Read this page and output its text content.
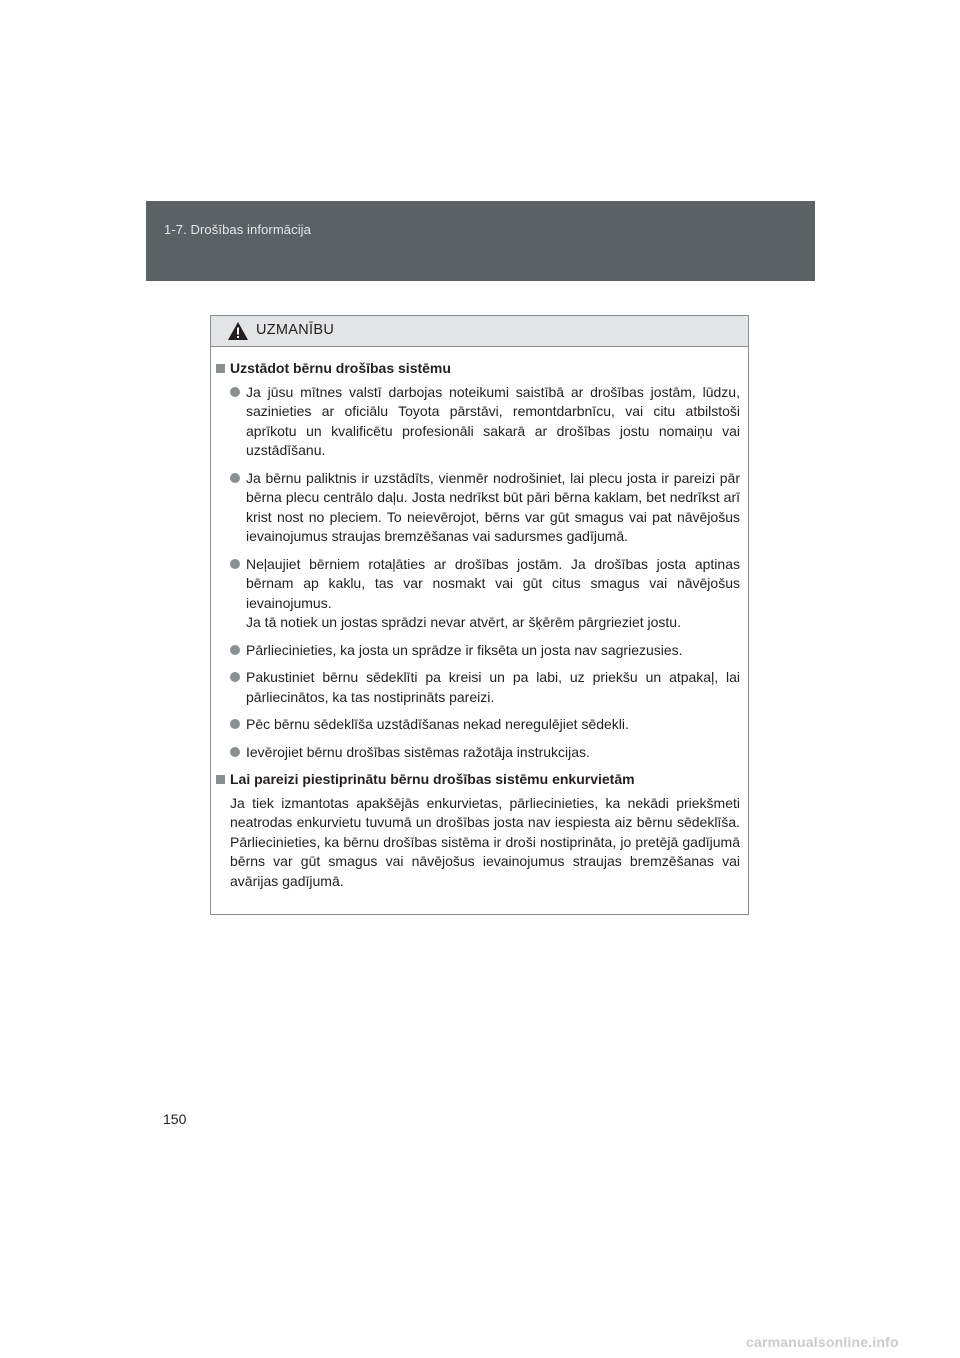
1-7. Drošības informācija
UZMANĪBU
Uzstādot bērnu drošības sistēmu

Ja jūsu mītnes valstī darbojas noteikumi saistībā ar drošības jostām, lūdzu, sazinieties ar oficiālu Toyota pārstāvi, remontdarbnīcu, vai citu atbilstoši aprīkotu un kvalificētu profesionāli sakarā ar drošības jostu nomaiņu vai uzstādīšanu.

Ja bērnu paliktnis ir uzstādīts, vienmēr nodrošiniet, lai plecu josta ir pareizi pār bērna plecu centrālo daļu. Josta nedrīkst būt pāri bērna kaklam, bet nedrīkst arī krist nost no pleciem. To neievērojot, bērns var gūt smagus vai pat nāvējošus ievainojumus straujas bremzēšanas vai sadursmes gadījumā.

Neļaujiet bērniem rotaļāties ar drošības jostām. Ja drošības josta aptinas bērnam ap kaklu, tas var nosmakt vai gūt citus smagus vai nāvējošus ievainojumus.

Ja tā notiek un jostas sprādzi nevar atvērt, ar šķērēm pārgrieziet jostu.

Pārliecinieties, ka josta un sprādze ir fiksēta un josta nav sagriezusies.

Pakustiniet bērnu sēdeklīti pa kreisi un pa labi, uz priekšu un atpakaļ, lai pārliecinātos, ka tas nostiprināts pareizi.

Pēc bērnu sēdeklīša uzstādīšanas nekad neregulējiet sēdekli.

Ievērojiet bērnu drošības sistēmas ražotāja instrukcijas.

Lai pareizi piestiprinātu bērnu drošības sistēmu enkurvietām

Ja tiek izmantotas apakšējās enkurvietas, pārliecinieties, ka nekādi priekšmeti neatrodas enkurvietu tuvumā un drošības josta nav iespiesta aiz bērnu sēdeklīša. Pārliecinieties, ka bērnu drošības sistēma ir droši nostiprināta, jo pretējā gadījumā bērns var gūt smagus vai nāvējošus ievainojumus straujas bremzēšanas vai avārijas gadījumā.

150
carmanualsonline.info
